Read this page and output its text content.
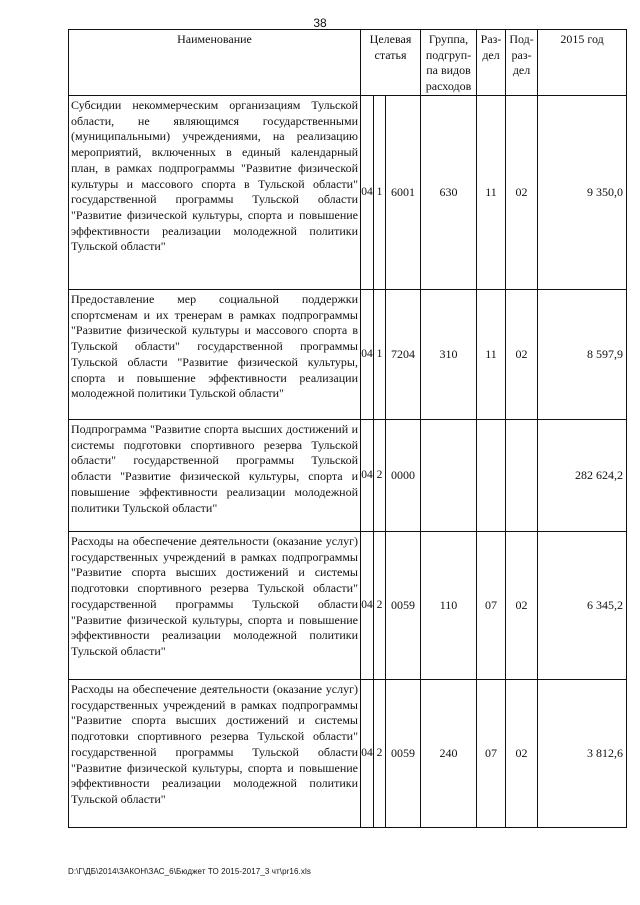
38
Наименование	Целевая статья			Группа, подгруп-па видов расходов	Раз-дел	Под-раз-дел	2015 год
Субсидии некоммерческим организациям Тульской области, не являющимся государственными (муниципальными) учреждениями, на реализацию мероприятий, включенных в единый календарный план, в рамках подпрограммы "Развитие физической культуры и массового спорта в Тульской области" государственной программы Тульской области "Развитие физической культуры, спорта и повышение эффективности реализации молодежной политики Тульской области"	04	1	6001	630	11	02	9 350,0
Предоставление мер социальной поддержки спортсменам и их тренерам в рамках подпрограммы "Развитие физической культуры и массового спорта в Тульской области" государственной программы Тульской области "Развитие физической культуры, спорта и повышение эффективности реализации молодежной политики Тульской области"	04	1	7204	310	11	02	8 597,9
Подпрограмма "Развитие спорта высших достижений и системы подготовки спортивного резерва Тульской области" государственной программы Тульской области "Развитие физической культуры, спорта и повышение эффективности реализации молодежной политики Тульской области"	04	2	0000				282 624,2
Расходы на обеспечение деятельности (оказание услуг) государственных учреждений в рамках подпрограммы "Развитие спорта высших достижений и системы подготовки спортивного резерва Тульской области" государственной программы Тульской области "Развитие физической культуры, спорта и повышение эффективности реализации молодежной политики Тульской области"	04	2	0059	110	07	02	6 345,2
Расходы на обеспечение деятельности (оказание услуг) государственных учреждений в рамках подпрограммы "Развитие спорта высших достижений и системы подготовки спортивного резерва Тульской области" государственной программы Тульской области "Развитие физической культуры, спорта и повышение эффективности реализации молодежной политики Тульской области"	04	2	0059	240	07	02	3 812,6
D:\Г\ДБ\2014\ЗАКОН\ЗАС_6\Бюджет ТО 2015-2017_3 чт\pr16.xls
